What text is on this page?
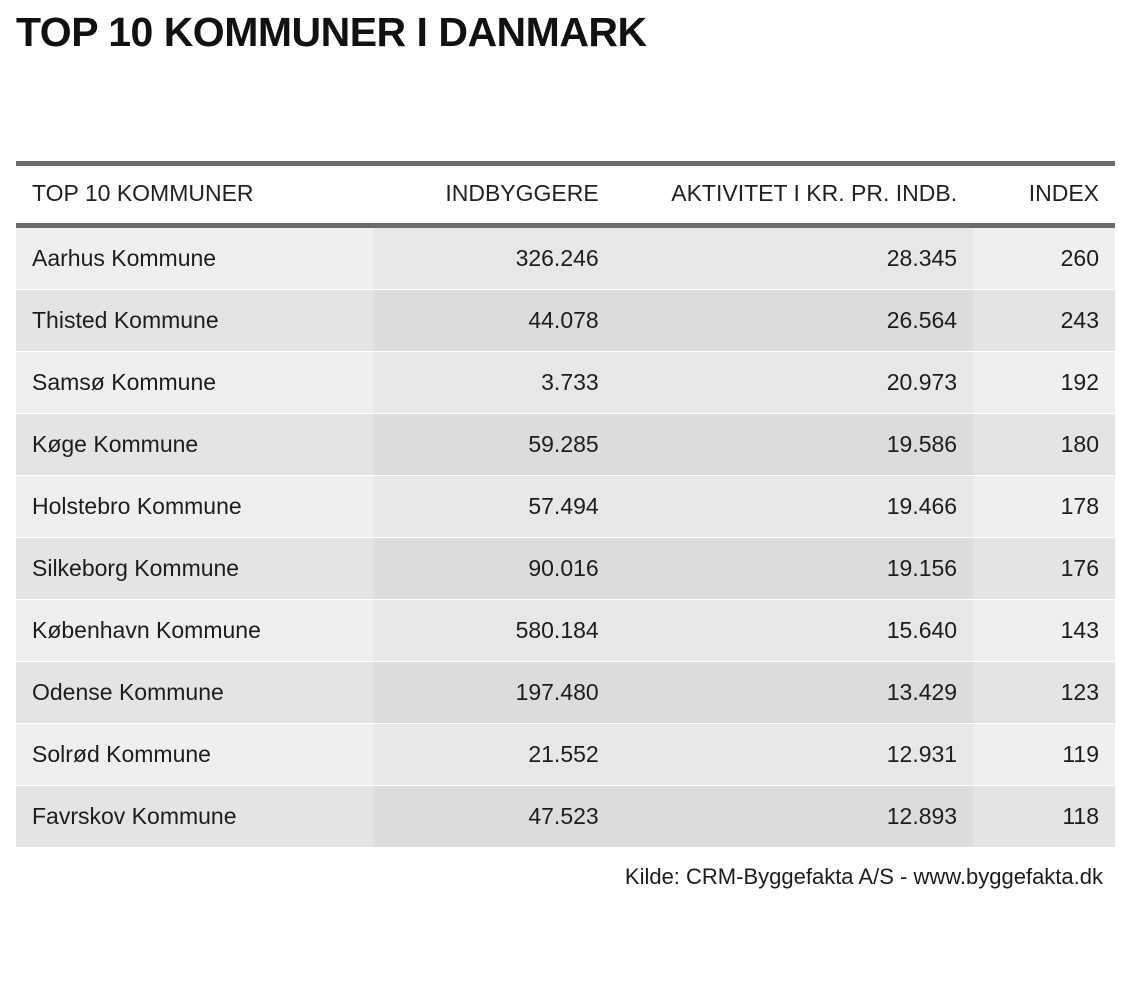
TOP 10 KOMMUNER I DANMARK
TOP 10 KOMMUNER	INDBYGGERE	AKTIVITET I KR. PR. INDB.	INDEX
Aarhus Kommune	326.246	28.345	260
Thisted Kommune	44.078	26.564	243
Samsø Kommune	3.733	20.973	192
Køge Kommune	59.285	19.586	180
Holstebro Kommune	57.494	19.466	178
Silkeborg Kommune	90.016	19.156	176
København Kommune	580.184	15.640	143
Odense Kommune	197.480	13.429	123
Solrød Kommune	21.552	12.931	119
Favrskov Kommune	47.523	12.893	118
Kilde: CRM-Byggefakta A/S - www.byggefakta.dk
